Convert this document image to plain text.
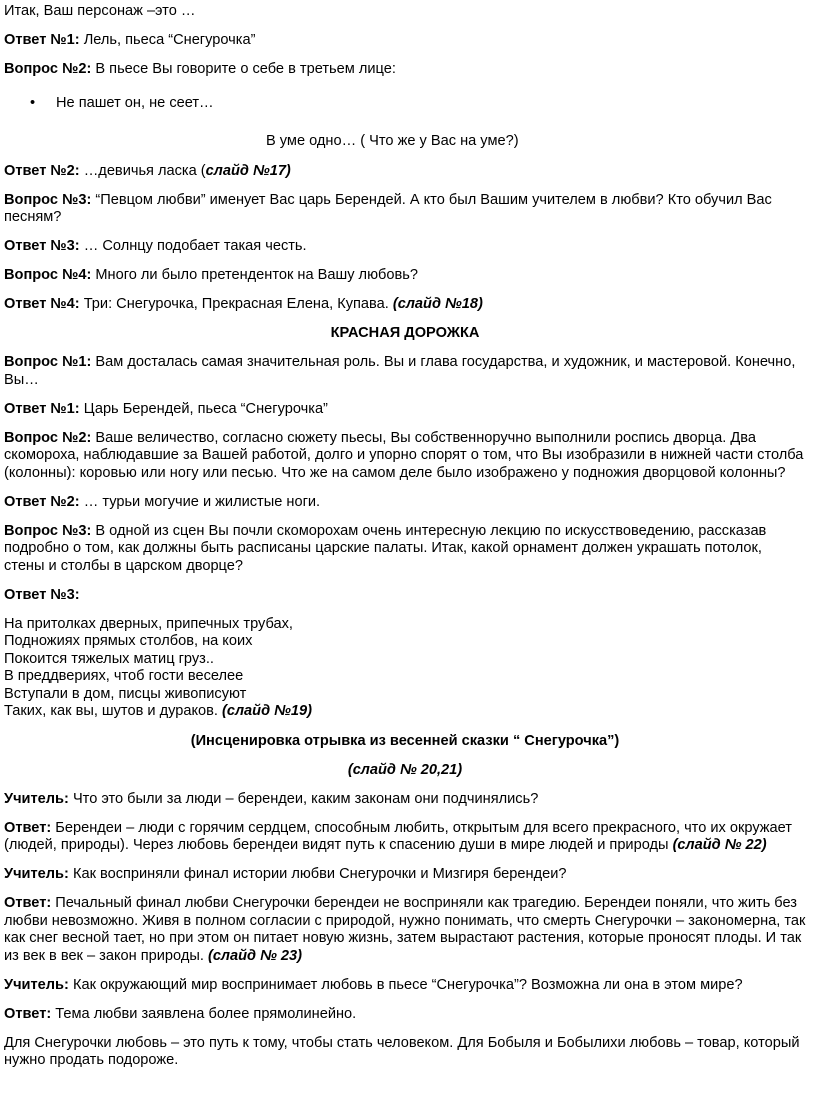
Итак, Ваш персонаж –это …

Ответ №1: Лель, пьеса “Снегурочка”

Вопрос №2: В пьесе Вы говорите о себе в третьем лице:

• Не пашет он, не сеет…

В уме одно… ( Что же у Вас на уме?)

Ответ №2: …девичья ласка (слайд №17)

Вопрос №3: “Певцом любви” именует Вас царь Берендей. А кто был Вашим учителем в любви? Кто обучил Вас песням?

Ответ №3: … Солнцу подобает такая честь.

Вопрос №4: Много ли было претенденток на Вашу любовь?

Ответ №4: Три: Снегурочка, Прекрасная Елена, Купава. (слайд №18)

КРАСНАЯ ДОРОЖКА

Вопрос №1: Вам досталась самая значительная роль. Вы и глава государства, и художник, и мастеровой. Конечно, Вы…

Ответ №1: Царь Берендей, пьеса “Снегурочка”

Вопрос №2: Ваше величество, согласно сюжету пьесы, Вы собственноручно выполнили роспись дворца. Два скомороха, наблюдавшие за Вашей работой, долго и упорно спорят о том, что Вы изобразили в нижней части столба (колонны): коровью или ногу или песью. Что же на самом деле было изображено у подножия дворцовой колонны?

Ответ №2: … турьи могучие и жилистые ноги.

Вопрос №3: В одной из сцен Вы почли скоморохам очень интересную лекцию по искусствоведению, рассказав подробно о том, как должны быть расписаны царские палаты. Итак, какой орнамент должен украшать потолок, стены и столбы в царском дворце?

Ответ №3:

На притолках дверных, припечных трубах,

Подножиях прямых столбов, на коих

Покоится тяжелых матиц груз..

В преддвериях, чтоб гости веселее

Вступали в дом, писцы живописуют

Таких, как вы, шутов и дураков. (слайд №19)

(Инсценировка отрывка из весенней сказки “ Снегурочка”)

(слайд № 20,21)

Учитель: Что это были за люди – берендеи, каким законам они подчинялись?

Ответ: Берендеи – люди с горячим сердцем, способным любить, открытым для всего прекрасного, что их окружает (людей, природы). Через любовь берендеи видят путь к спасению души в мире людей и природы (слайд № 22)

Учитель: Как восприняли финал истории любви Снегурочки и Мизгиря берендеи?

Ответ: Печальный финал любви Снегурочки берендеи не восприняли как трагедию. Берендеи поняли, что жить без любви невозможно. Живя в полном согласии с природой, нужно понимать, что смерть Снегурочки – закономерна, так как снег весной тает, но при этом он питает новую жизнь, затем вырастают растения, которые проносят плоды. И так из век в век – закон природы. (слайд № 23)

Учитель: Как окружающий мир воспринимает любовь в пьесе “Снегурочка”? Возможна ли она в этом мире?

Ответ: Тема любви заявлена более прямолинейно.

Для Снегурочки любовь – это путь к тому, чтобы стать человеком. Для Бобыля и Бобылихи любовь – товар, который нужно продать подороже.
